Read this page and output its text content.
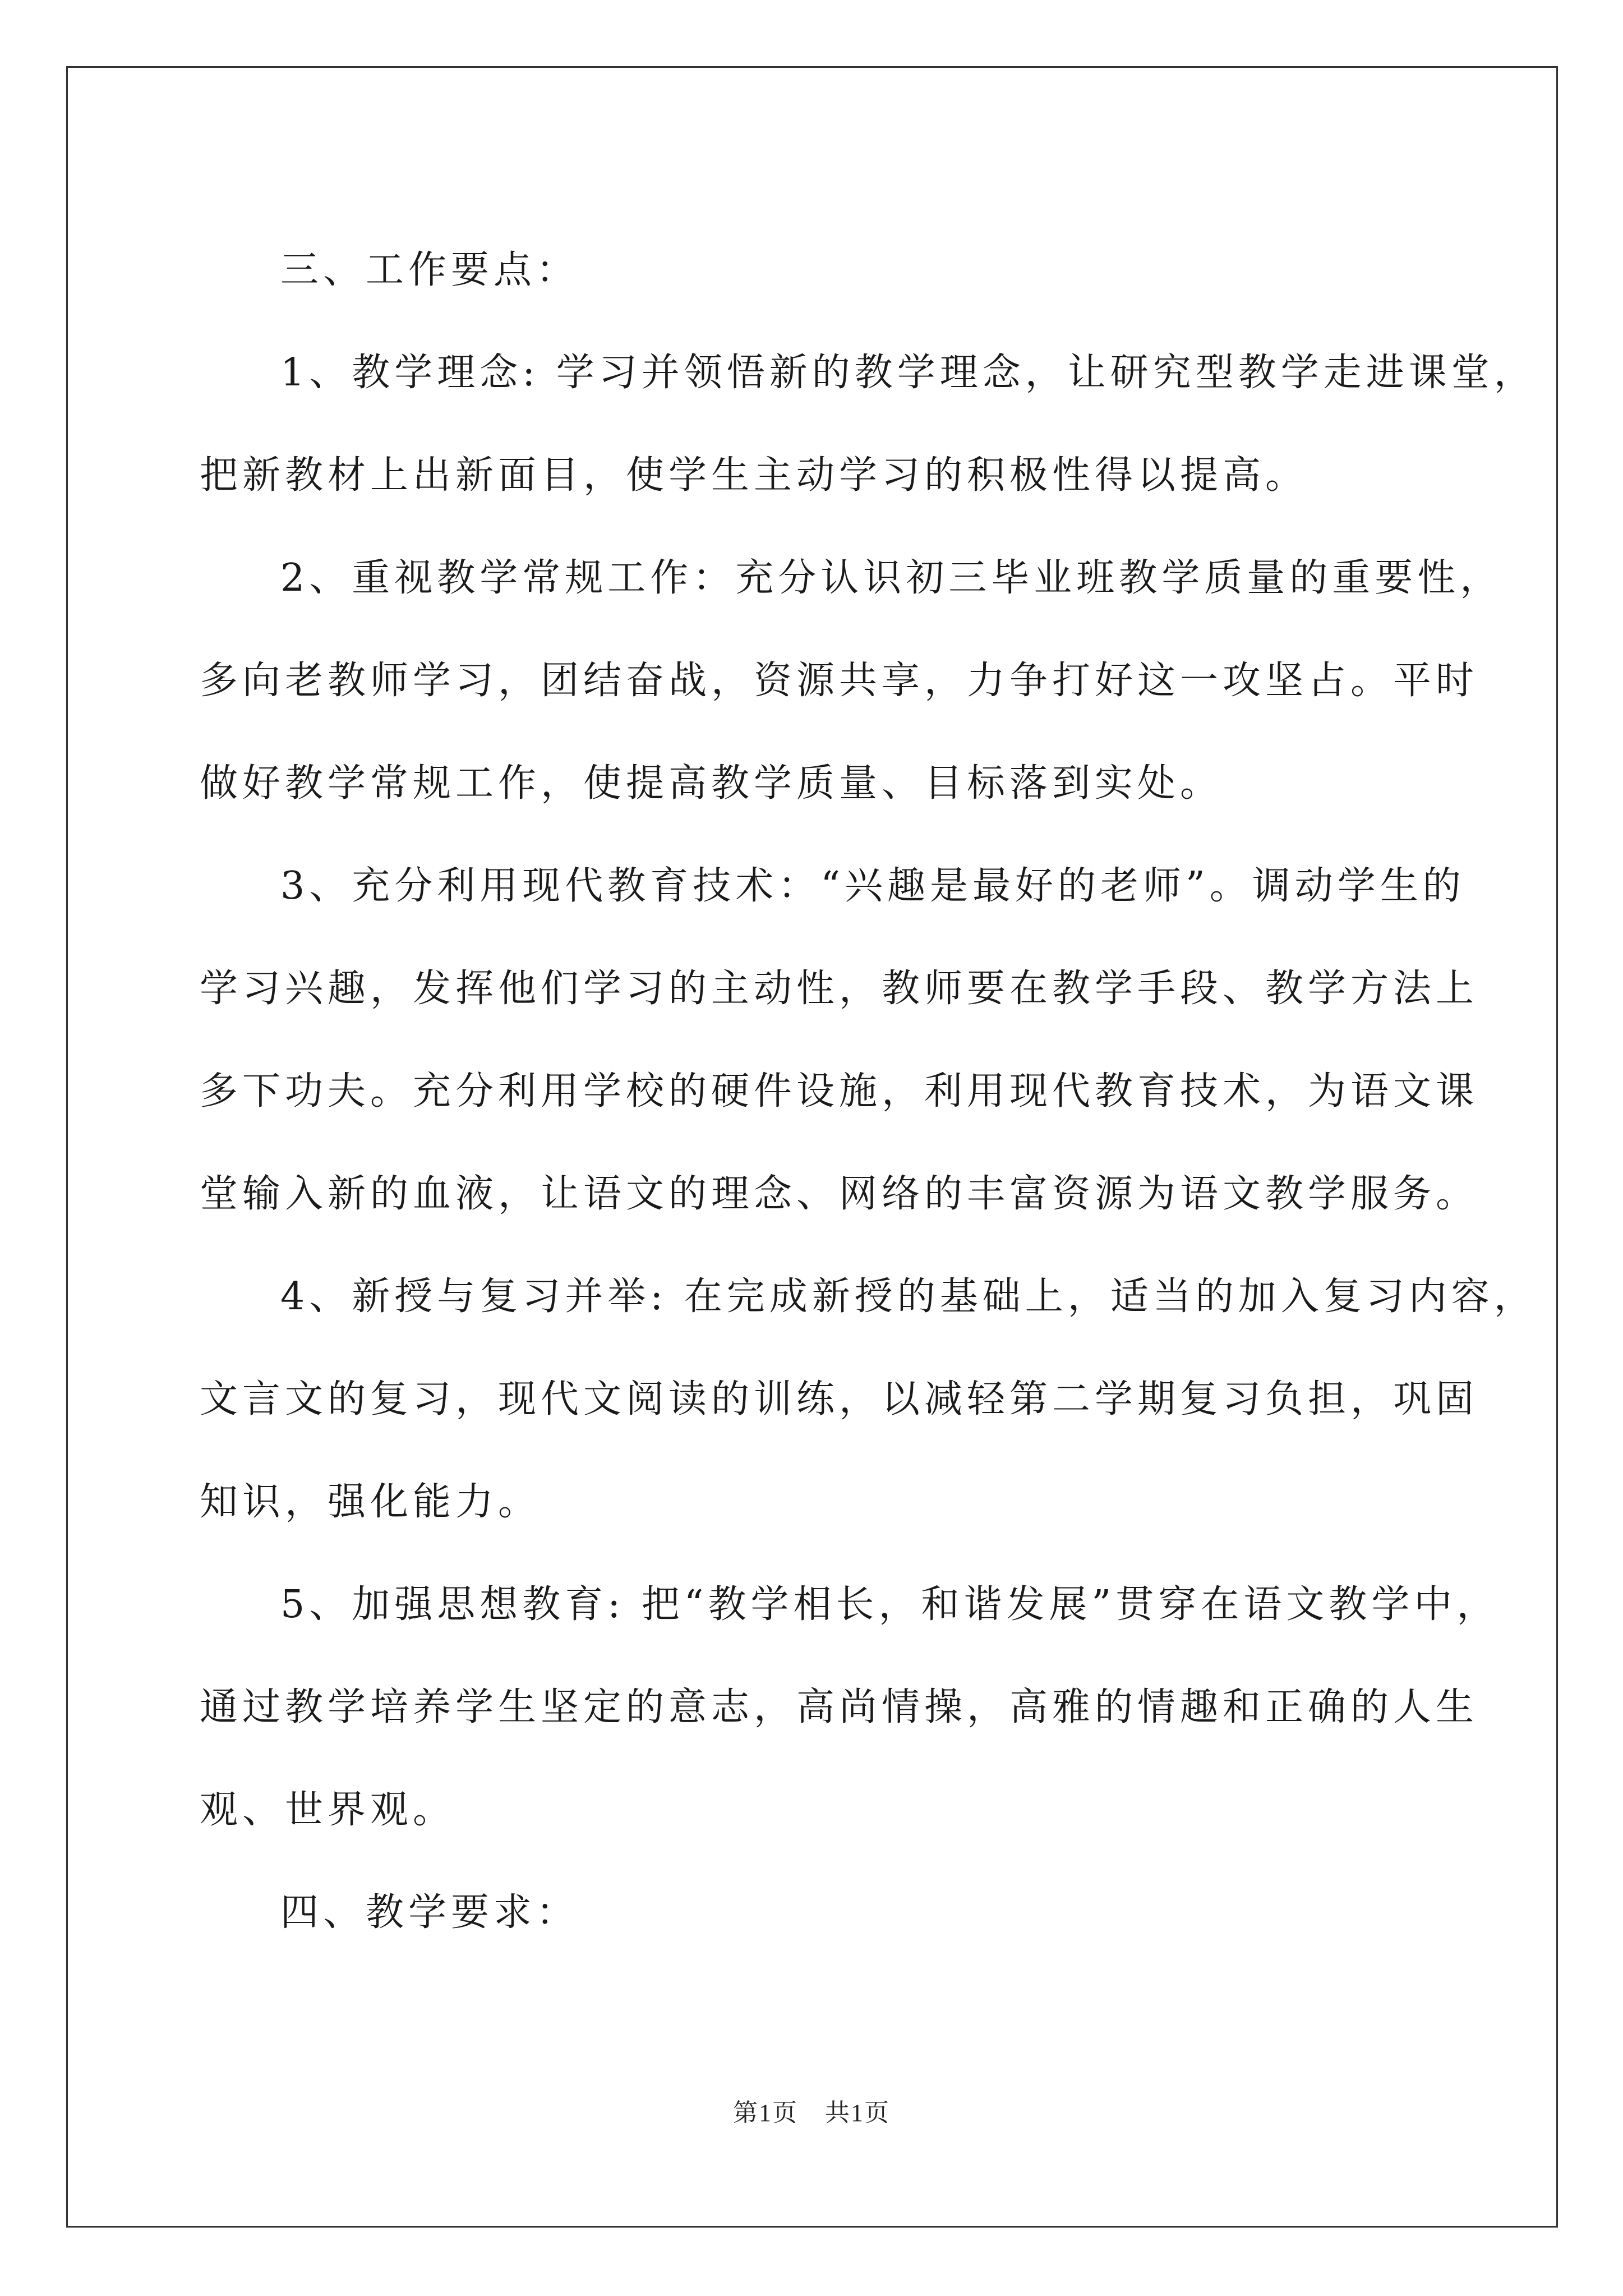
三、工作要点：

1、教学理念: 学习并领悟新的教学理念，让研究型教学走进课堂，
把新教材上出新面目，使学生主动学习的积极性得以提高。

2、重视教学常规工作：充分认识初三毕业班教学质量的重要性，
多向老教师学习，团结奋战，资源共享，力争打好这一攻坚占。平时
做好教学常规工作，使提高教学质量、目标落到实处。

3、充分利用现代教育技术：“兴趣是最好的老师”。调动学生的
学习兴趣，发挥他们学习的主动性，教师要在教学手段、教学方法上
多下功夫。充分利用学校的硬件设施，利用现代教育技术，为语文课
堂输入新的血液，让语文的理念、网络的丰富资源为语文教学服务。

4、新授与复习并举: 在完成新授的基础上，适当的加入复习内容，
文言文的复习，现代文阅读的训练，以减轻第二学期复习负担，巩固
知识，强化能力。

5、加强思想教育: 把“教学相长，和谐发展”贯穿在语文教学中，
通过教学培养学生坚定的意志，高尚情操，高雅的情趣和正确的人生
观、世界观。

四、教学要求：

第1页 共1页
